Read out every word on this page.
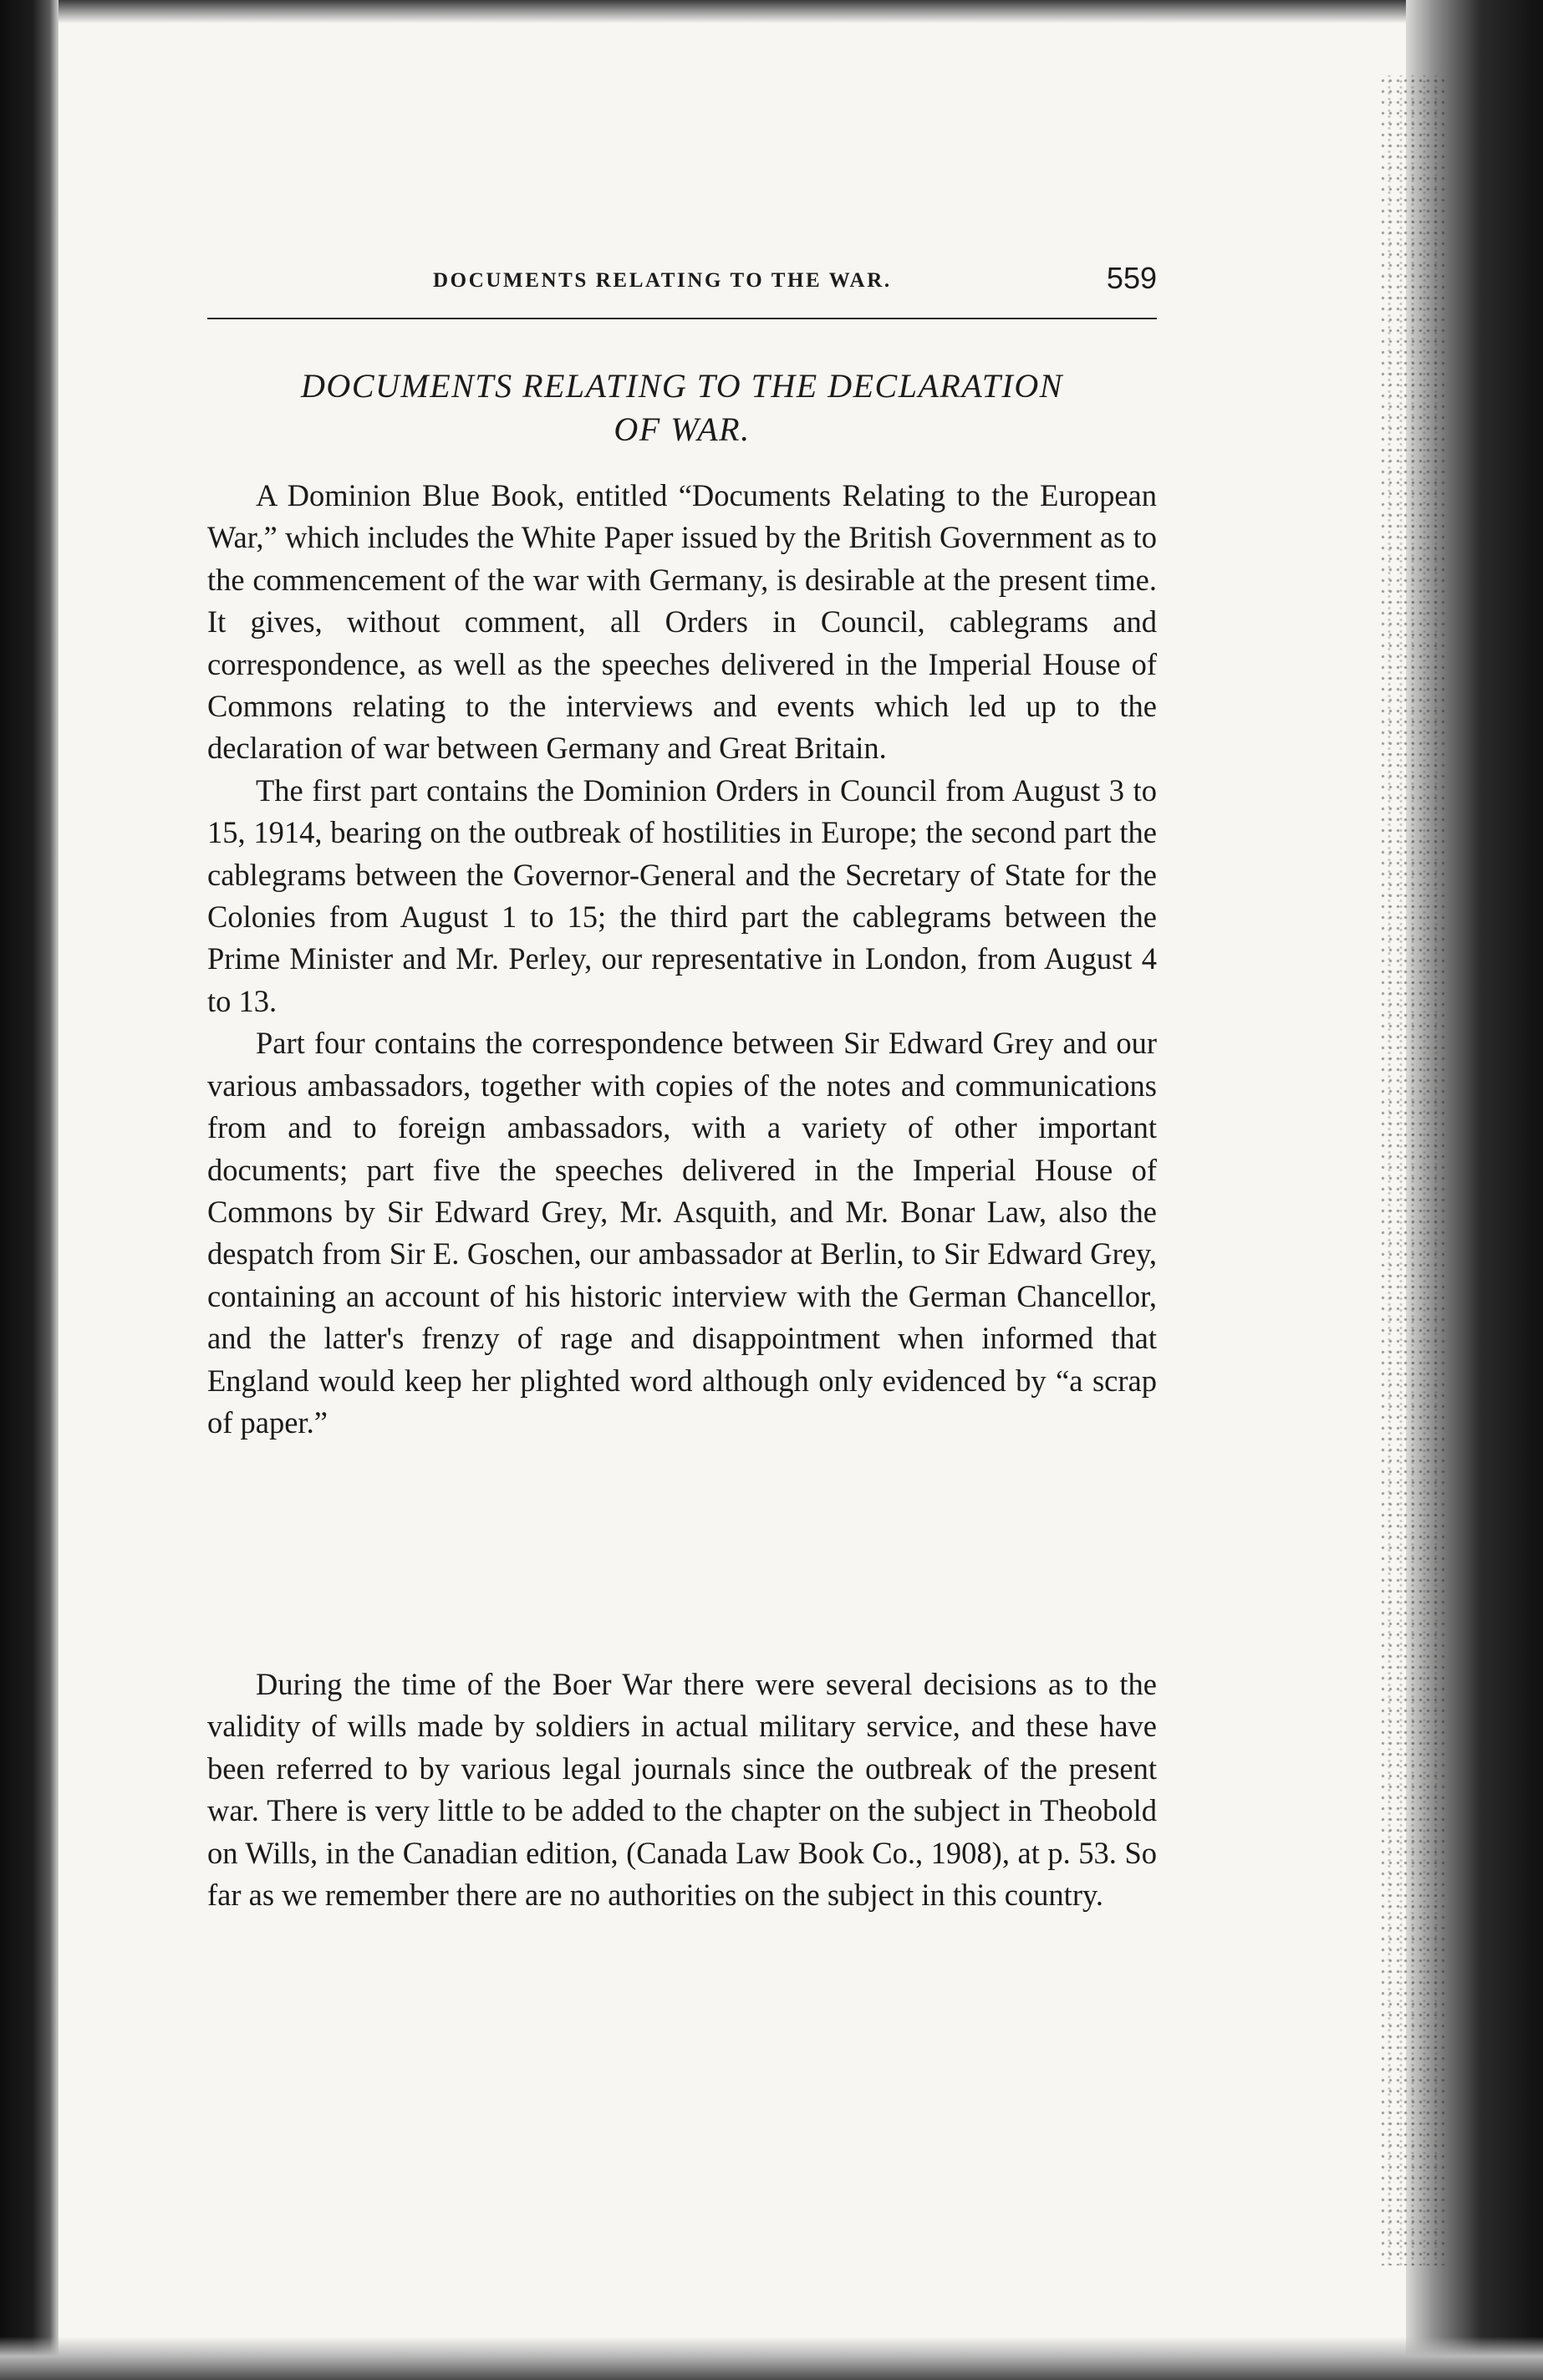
DOCUMENTS RELATING TO THE WAR.	559
DOCUMENTS RELATING TO THE DECLARATION
OF WAR.

A Dominion Blue Book, entitled “Documents Relating to the European War,” which includes the White Paper issued by the British Government as to the commencement of the war with Germany, is desirable at the present time. It gives, without comment, all Orders in Council, cablegrams and correspondence, as well as the speeches delivered in the Imperial House of Commons relating to the interviews and events which led up to the declaration of war between Germany and Great Britain.

The first part contains the Dominion Orders in Council from August 3 to 15, 1914, bearing on the outbreak of hostilities in Europe; the second part the cablegrams between the Governor-General and the Secretary of State for the Colonies from August 1 to 15; the third part the cablegrams between the Prime Minister and Mr. Perley, our representative in London, from August 4 to 13.

Part four contains the correspondence between Sir Edward Grey and our various ambassadors, together with copies of the notes and communications from and to foreign ambassadors, with a variety of other important documents; part five the speeches delivered in the Imperial House of Commons by Sir Edward Grey, Mr. Asquith, and Mr. Bonar Law, also the despatch from Sir E. Goschen, our ambassador at Berlin, to Sir Edward Grey, containing an account of his historic interview with the German Chancellor, and the latter's frenzy of rage and disappointment when informed that England would keep her plighted word although only evidenced by “a scrap of paper.”

During the time of the Boer War there were several decisions as to the validity of wills made by soldiers in actual military service, and these have been referred to by various legal journals since the outbreak of the present war. There is very little to be added to the chapter on the subject in Theobold on Wills, in the Canadian edition, (Canada Law Book Co., 1908), at p. 53. So far as we remember there are no authorities on the subject in this country.
